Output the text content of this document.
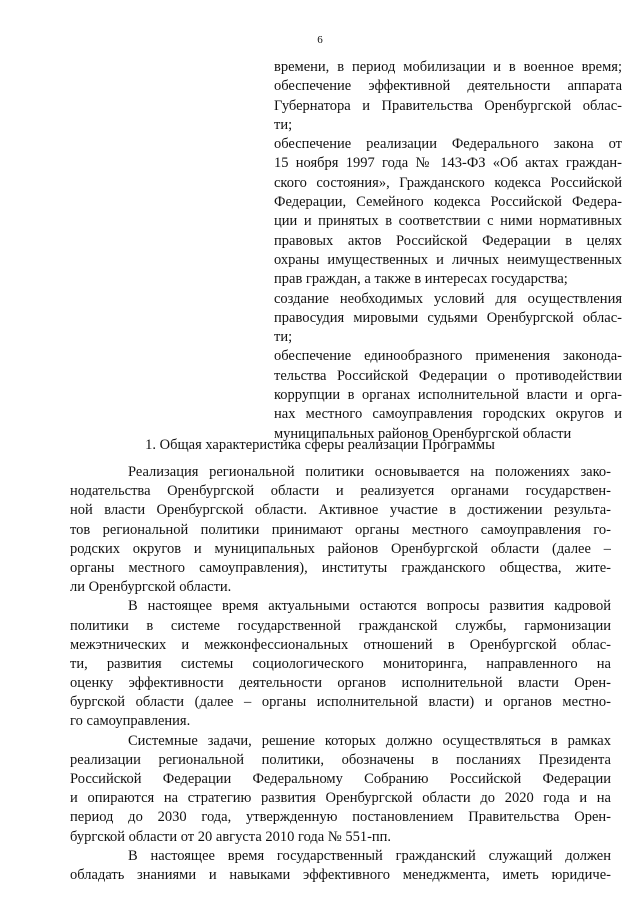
6
времени, в период мобилизации и в военное время;
обеспечение эффективной деятельности аппарата
Губернатора и Правительства Оренбургской облас-
ти;
обеспечение реализации Федерального закона от
15 ноября 1997 года № 143-ФЗ «Об актах граждан-
ского состояния», Гражданского кодекса Российской
Федерации, Семейного кодекса Российской Федера-
ции и принятых в соответствии с ними нормативных
правовых актов Российской Федерации в целях
охраны имущественных и личных неимущественных
прав граждан, а также в интересах государства;
создание необходимых условий для осуществления
правосудия мировыми судьями Оренбургской облас-
ти;
обеспечение единообразного применения законода-
тельства Российской Федерации о противодействии
коррупции в органах исполнительной власти и орга-
нах местного самоуправления городских округов и
муниципальных районов Оренбургской области
1. Общая характеристика сферы реализации Программы
Реализация региональной политики основывается на положениях зако-
нодательства Оренбургской области и реализуется органами государствен-
ной власти Оренбургской области. Активное участие в достижении результа-
тов региональной политики принимают органы местного самоуправления го-
родских округов и муниципальных районов Оренбургской области (далее –
органы местного самоуправления), институты гражданского общества, жите-
ли Оренбургской области.
В настоящее время актуальными остаются вопросы развития кадровой
политики в системе государственной гражданской службы, гармонизации
межэтнических и межконфессиональных отношений в Оренбургской облас-
ти, развития системы социологического мониторинга, направленного на
оценку эффективности деятельности органов исполнительной власти Орен-
бургской области (далее – органы исполнительной власти) и органов местно-
го самоуправления.
Системные задачи, решение которых должно осуществляться в рамках
реализации региональной политики, обозначены в посланиях Президента
Российской Федерации Федеральному Собранию Российской Федерации
и опираются на стратегию развития Оренбургской области до 2020 года и на
период до 2030 года, утвержденную постановлением Правительства Орен-
бургской области от 20 августа 2010 года № 551-пп.
В настоящее время государственный гражданский служащий должен
обладать знаниями и навыками эффективного менеджмента, иметь юридиче-
